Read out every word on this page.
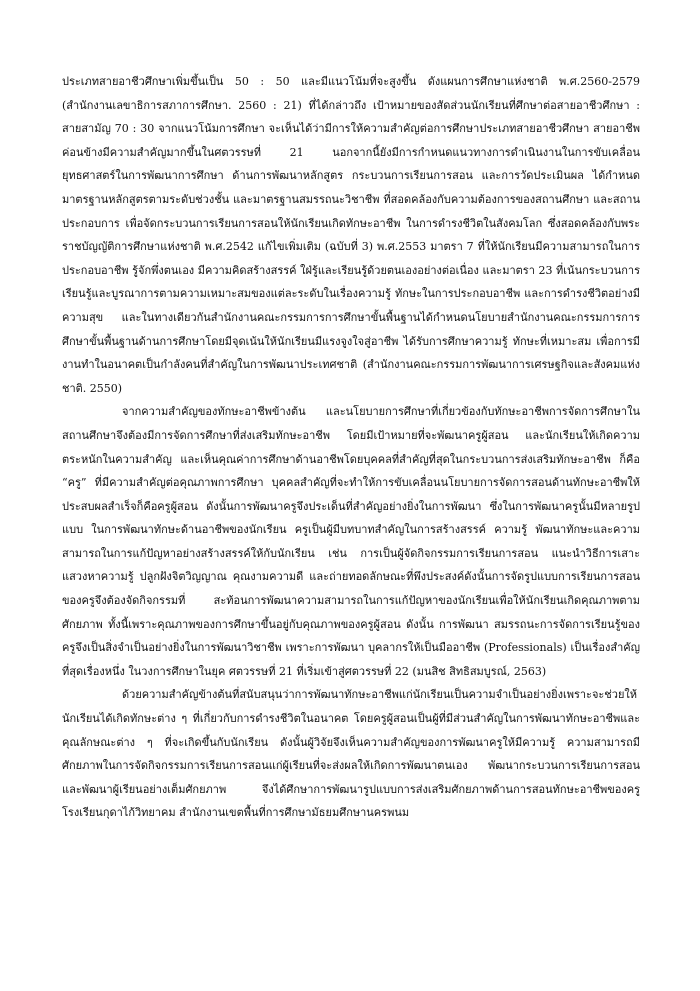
ประเภทสายอาชีวศึกษาเพิ่มขึ้นเป็น 50 : 50 และมีแนวโน้มที่จะสูงขึ้น ดังแผนการศึกษาแห่งชาติ พ.ศ.2560-2579 (สำนักงานเลขาธิการสภาการศึกษา. 2560 : 21) ที่ได้กล่าวถึง เป้าหมายของสัดส่วนนักเรียนที่ศึกษาต่อสายอาชีวศึกษา : สายสามัญ 70 : 30 จากแนวโน้มการศึกษา จะเห็นได้ว่ามีการให้ความสำคัญต่อการศึกษาประเภทสายอาชีวศึกษา สายอาชีพ ค่อนข้างมีความสำคัญมากขึ้นในศตวรรษที่ 21 นอกจากนี้ยังมีการกำหนดแนวทางการดำเนินงานในการขับเคลื่อนยุทธศาสตร์ในการพัฒนาการศึกษา ด้านการพัฒนาหลักสูตร กระบวนการเรียนการสอน และการวัดประเมินผล ได้กำหนดมาตรฐานหลักสูตรตามระดับช่วงชั้น และมาตรฐานสมรรถนะวิชาชีพ ที่สอดคล้องกับความต้องการของสถานศึกษา และสถานประกอบการ เพื่อจัดกระบวนการเรียนการสอนให้นักเรียนเกิดทักษะอาชีพ ในการดำรงชีวิตในสังคมโลก ซึ่งสอดคล้องกับพระราชบัญญัติการศึกษาแห่งชาติ พ.ศ.2542 แก้ไขเพิ่มเติม (ฉบับที่ 3) พ.ศ.2553 มาตรา 7 ที่ให้นักเรียนมีความสามารถในการประกอบอาชีพ รู้จักพึ่งตนเอง มีความคิดสร้างสรรค์ ใฝ่รู้และเรียนรู้ด้วยตนเองอย่างต่อเนื่อง และมาตรา 23 ที่เน้นกระบวนการเรียนรู้และบูรณาการตามความเหมาะสมของแต่ละระดับในเรื่องความรู้ ทักษะในการประกอบอาชีพ และการดำรงชีวิตอย่างมีความสุข และในทางเดียวกันสำนักงานคณะกรรมการการศึกษาขั้นพื้นฐานได้กำหนดนโยบายสำนักงานคณะกรรมการการศึกษาขั้นพื้นฐานด้านการศึกษาโดยมีจุดเน้นให้นักเรียนมีแรงจูงใจสู่อาชีพ ได้รับการศึกษาความรู้ ทักษะที่เหมาะสม เพื่อการมีงานทำในอนาคตเป็นกำลังคนที่สำคัญในการพัฒนาประเทศชาติ (สำนักงานคณะกรรมการพัฒนาการเศรษฐกิจและสังคมแห่งชาติ. 2550)

จากความสำคัญของทักษะอาชีพข้างต้น และนโยบายการศึกษาที่เกี่ยวข้องกับทักษะอาชีพการจัดการศึกษาในสถานศึกษาจึงต้องมีการจัดการศึกษาที่ส่งเสริมทักษะอาชีพ โดยมีเป้าหมายที่จะพัฒนาครูผู้สอน และนักเรียนให้เกิดความตระหนักในความสำคัญ และเห็นคุณค่าการศึกษาด้านอาชีพโดยบุคคลที่สำคัญที่สุดในกระบวนการส่งเสริมทักษะอาชีพ ก็คือ “ครู” ที่มีความสำคัญต่อคุณภาพการศึกษา บุคคลสำคัญที่จะทำให้การขับเคลื่อนนโยบายการจัดการสอนด้านทักษะอาชีพให้ประสบผลสำเร็จก็คือครูผู้สอน ดังนั้นการพัฒนาครูจึงประเด็นที่สำคัญอย่างยิ่งในการพัฒนา ซึ่งในการพัฒนาครูนั้นมีหลายรูปแบบ ในการพัฒนาทักษะด้านอาชีพของนักเรียน ครูเป็นผู้มีบทบาทสำคัญในการสร้างสรรค์ ความรู้ พัฒนาทักษะและความสามารถในการแก้ปัญหาอย่างสร้างสรรค์ให้กับนักเรียน เช่น การเป็นผู้จัดกิจกรรมการเรียนการสอน แนะนำวิธีการเสาะแสวงหาความรู้ ปลูกฝังจิตวิญญาณ คุณงามความดี และถ่ายทอดลักษณะที่พึงประสงค์ดังนั้นการจัดรูปแบบการเรียนการสอนของครูจึงต้องจัดกิจกรรมที่ สะท้อนการพัฒนาความสามารถในการแก้ปัญหาของนักเรียนเพื่อให้นักเรียนเกิดคุณภาพตามศักยภาพ ทั้งนี้เพราะคุณภาพของการศึกษาขึ้นอยู่กับคุณภาพของครูผู้สอน ดังนั้น การพัฒนา สมรรถนะการจัดการเรียนรู้ของครูจึงเป็นสิ่งจำเป็นอย่างยิ่งในการพัฒนาวิชาชีพ เพราะการพัฒนา บุคลากรให้เป็นมืออาชีพ (Professionals) เป็นเรื่องสำคัญที่สุดเรื่องหนึ่ง ในวงการศึกษาในยุค ศตวรรษที่ 21 ที่เริ่มเข้าสู่ศตวรรษที่ 22 (มนสิช สิทธิสมบูรณ์, 2563)

ด้วยความสำคัญข้างต้นที่สนับสนุนว่าการพัฒนาทักษะอาชีพแก่นักเรียนเป็นความจำเป็นอย่างยิ่งเพราะจะช่วยให้นักเรียนได้เกิดทักษะต่าง ๆ ที่เกี่ยวกับการดำรงชีวิตในอนาคต โดยครูผู้สอนเป็นผู้ที่มีส่วนสำคัญในการพัฒนาทักษะอาชีพและคุณลักษณะต่าง ๆ ที่จะเกิดขึ้นกับนักเรียน ดังนั้นผู้วิจัยจึงเห็นความสำคัญของการพัฒนาครูให้มีความรู้ ความสามารถมีศักยภาพในการจัดกิจกรรมการเรียนการสอนแก่ผู้เรียนที่จะส่งผลให้เกิดการพัฒนาตนเอง พัฒนากระบวนการเรียนการสอน และพัฒนาผู้เรียนอย่างเต็มศักยภาพ จึงได้ศึกษาการพัฒนารูปแบบการส่งเสริมศักยภาพด้านการสอนทักษะอาชีพของครู โรงเรียนกุดาไก้วิทยาคม สำนักงานเขตพื้นที่การศึกษามัธยมศึกษานครพนม
